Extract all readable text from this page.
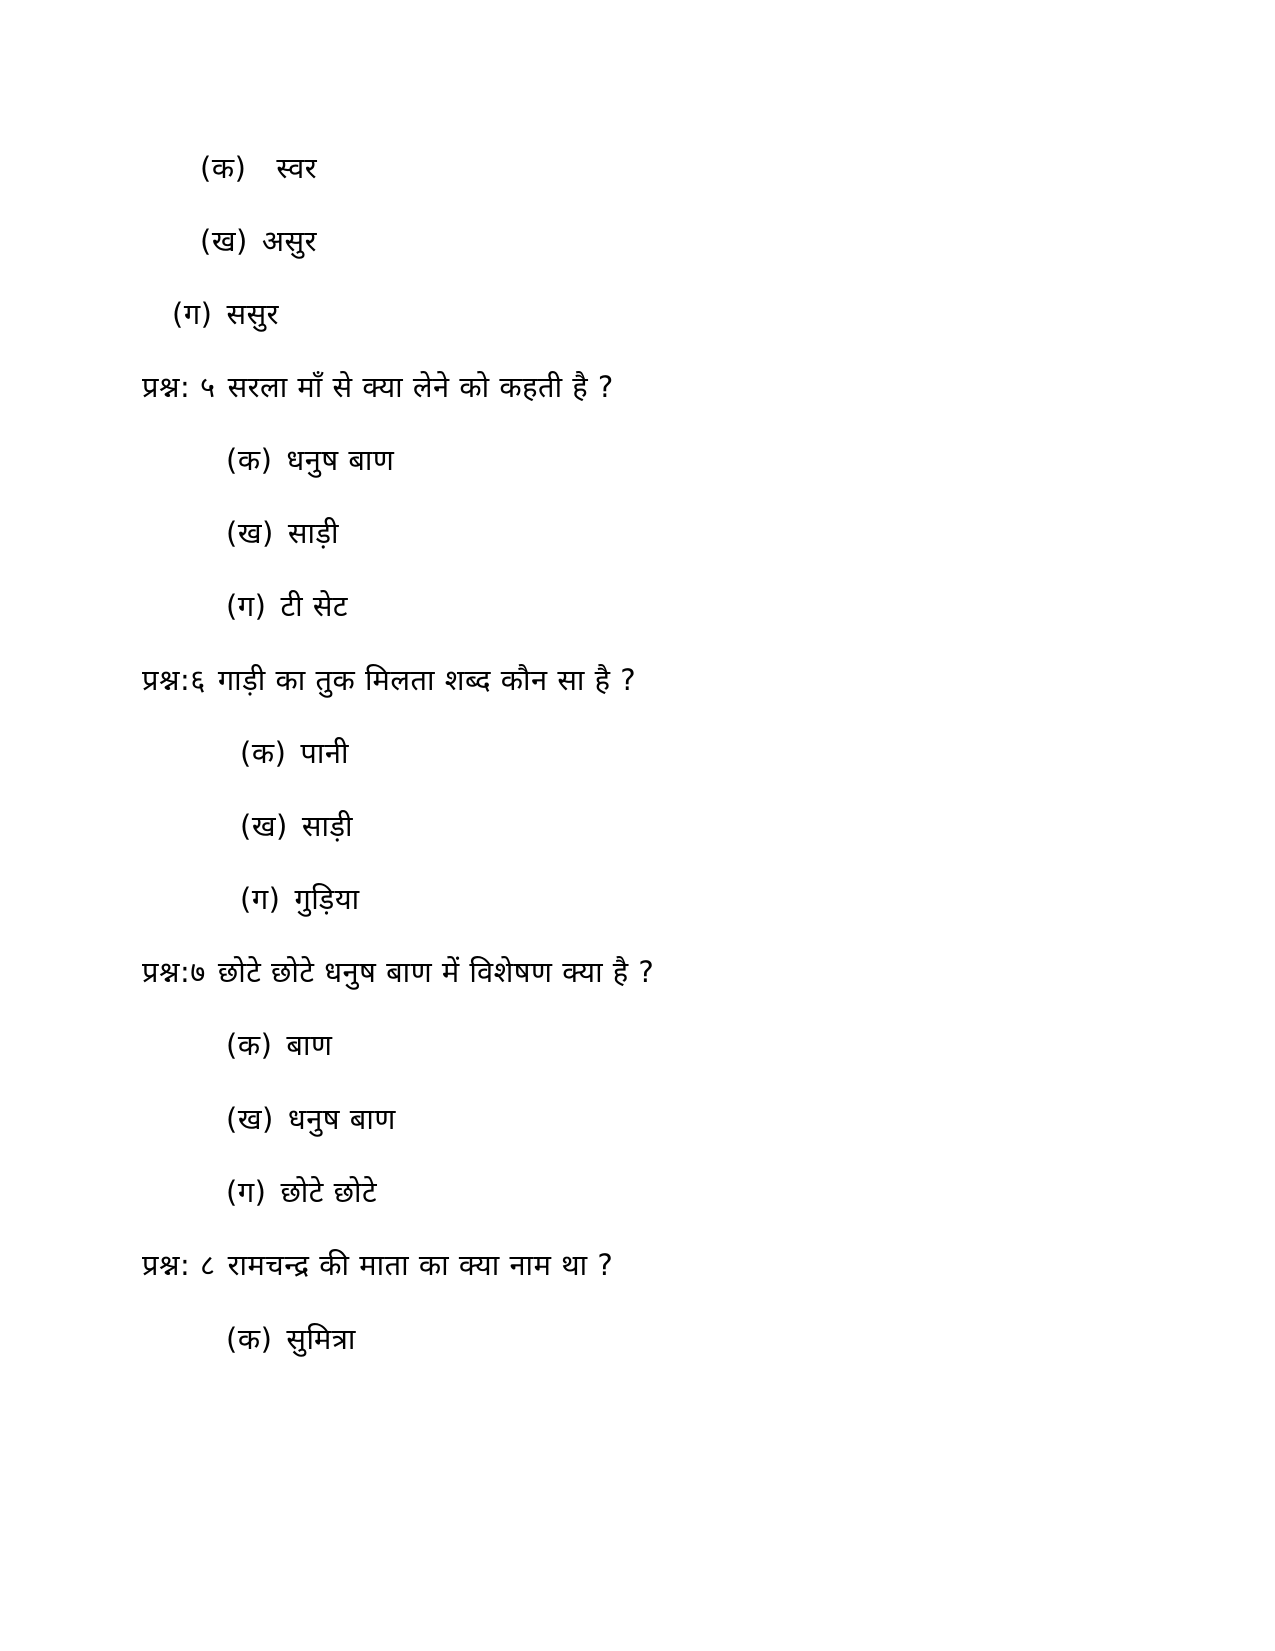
(क) स्वर
(ख) असुर
(ग) ससुर
प्रश्न: ५ सरला माँ से क्या लेने को कहती है ?
(क) धनुष बाण
(ख) साड़ी
(ग) टी सेट
प्रश्न:६ गाड़ी का तुक मिलता शब्द कौन सा है ?
(क) पानी
(ख) साड़ी
(ग) गुड़िया
प्रश्न:७ छोटे छोटे धनुष बाण में विशेषण क्या है ?
(क) बाण
(ख) धनुष बाण
(ग) छोटे छोटे
प्रश्न: ८ रामचन्द्र की माता का क्या नाम था ?
(क) सुमित्रा
